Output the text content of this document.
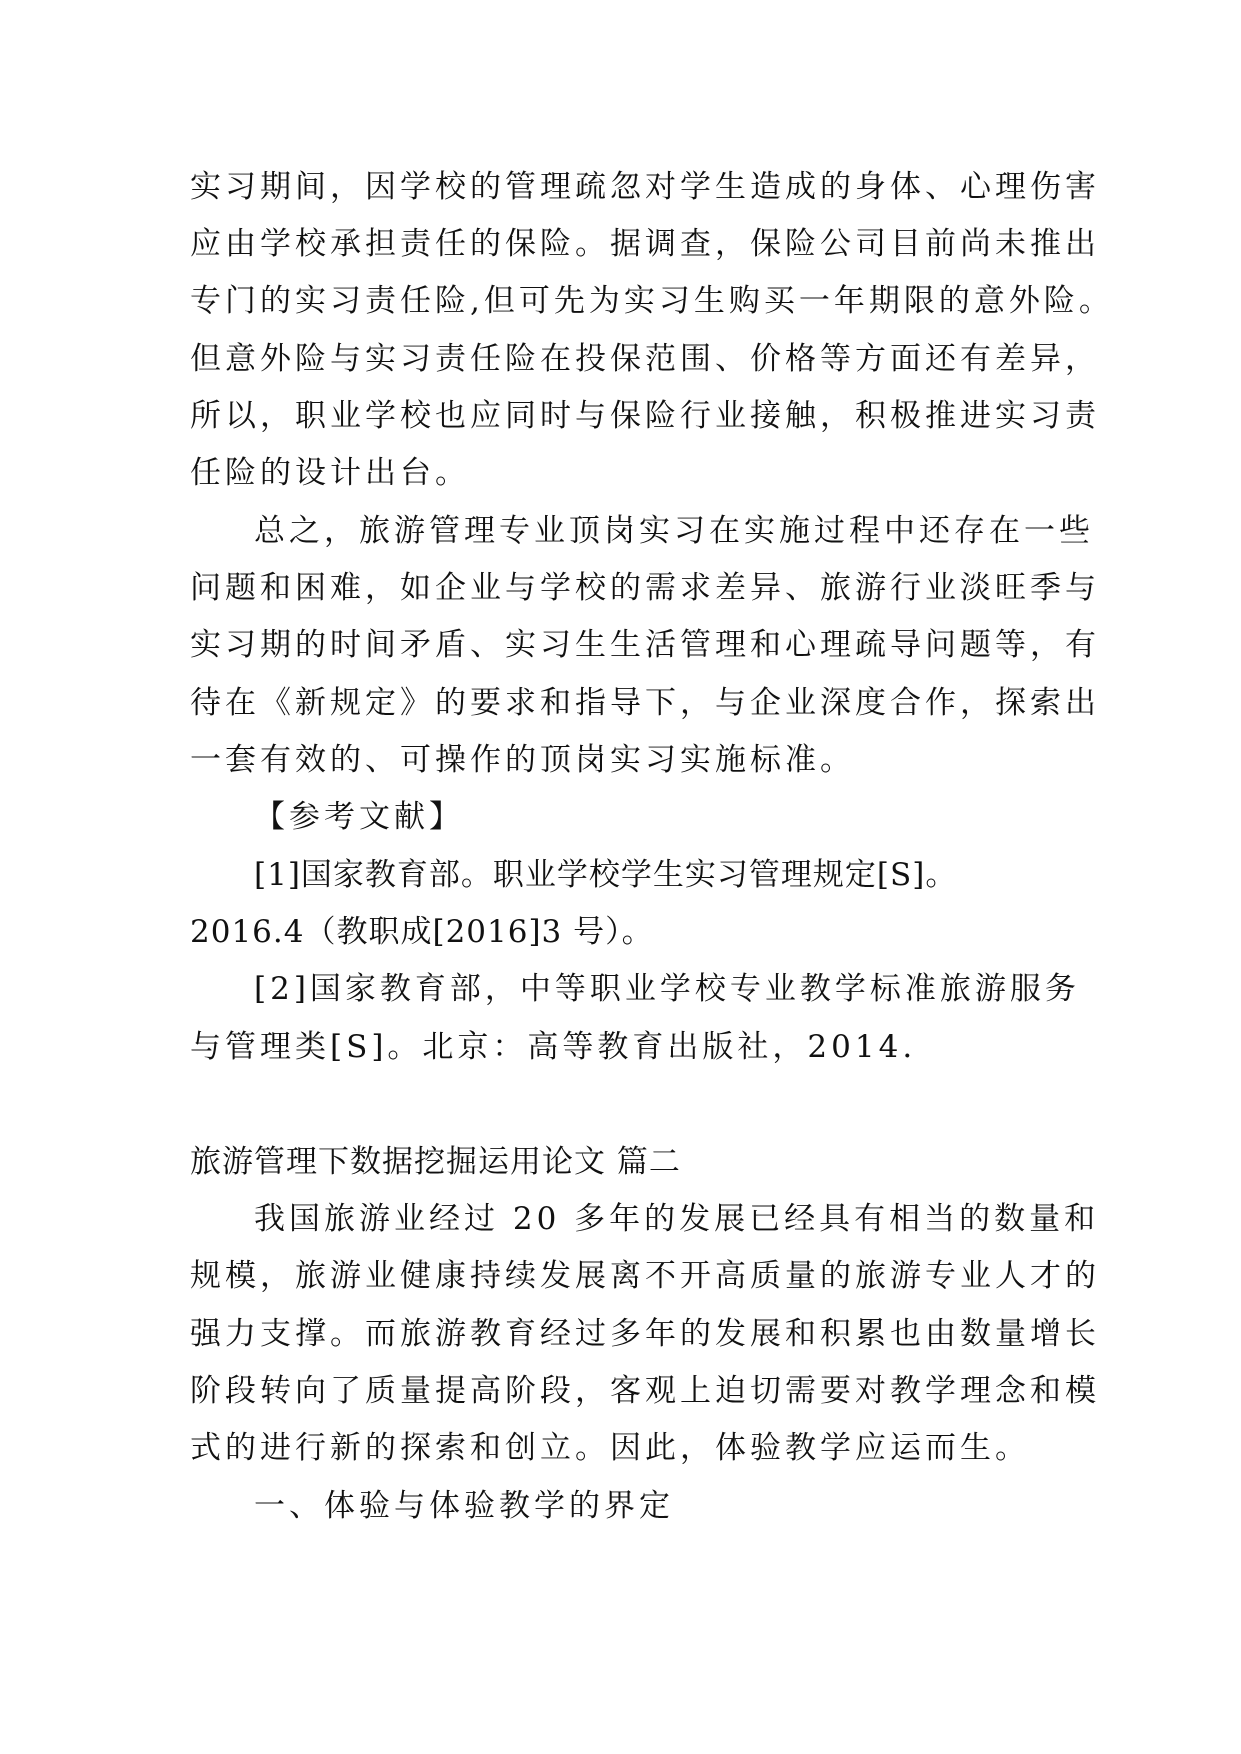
实习期间，因学校的管理疏忽对学生造成的身体、心理伤害
应由学校承担责任的保险。据调查，保险公司目前尚未推出
专门的实习责任险,但可先为实习生购买一年期限的意外险。
但意外险与实习责任险在投保范围、价格等方面还有差异，
所以，职业学校也应同时与保险行业接触，积极推进实习责
任险的设计出台。
总之，旅游管理专业顶岗实习在实施过程中还存在一些
问题和困难，如企业与学校的需求差异、旅游行业淡旺季与
实习期的时间矛盾、实习生生活管理和心理疏导问题等，有
待在《新规定》的要求和指导下，与企业深度合作，探索出
一套有效的、可操作的顶岗实习实施标准。
【参考文献】
[1]国家教育部。职业学校学生实习管理规定[S]。
2016.4（教职成[2016]3 号）。
[2]国家教育部，中等职业学校专业教学标准旅游服务
与管理类[S]。北京：高等教育出版社，2014.
旅游管理下数据挖掘运用论文 篇二
我国旅游业经过 20 多年的发展已经具有相当的数量和
规模，旅游业健康持续发展离不开高质量的旅游专业人才的
强力支撑。而旅游教育经过多年的发展和积累也由数量增长
阶段转向了质量提高阶段，客观上迫切需要对教学理念和模
式的进行新的探索和创立。因此，体验教学应运而生。
一、体验与体验教学的界定
